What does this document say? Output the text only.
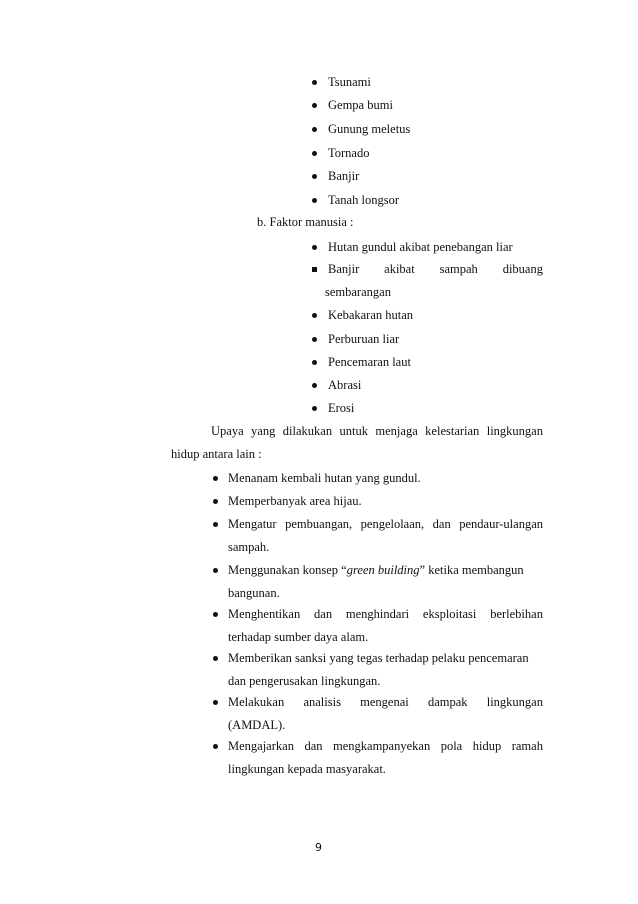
Tsunami
Gempa bumi
Gunung meletus
Tornado
Banjir
Tanah longsor
b. Faktor manusia :
Hutan gundul akibat penebangan liar
Banjir akibat sampah dibuang
sembarangan
Kebakaran hutan
Perburuan liar
Pencemaran laut
Abrasi
Erosi
Upaya yang dilakukan untuk menjaga kelestarian lingkungan
hidup antara lain :
Menanam kembali hutan yang gundul.
Memperbanyak area hijau.
Mengatur pembuangan, pengelolaan, dan pendaur-ulangan
sampah.
Menggunakan konsep “green building” ketika membangun
bangunan.
Menghentikan dan menghindari eksploitasi berlebihan
terhadap sumber daya alam.
Memberikan sanksi yang tegas terhadap pelaku pencemaran
dan pengerusakan lingkungan.
Melakukan analisis mengenai dampak lingkungan
(AMDAL).
Mengajarkan dan mengkampanyekan pola hidup ramah
lingkungan kepada masyarakat.
9
